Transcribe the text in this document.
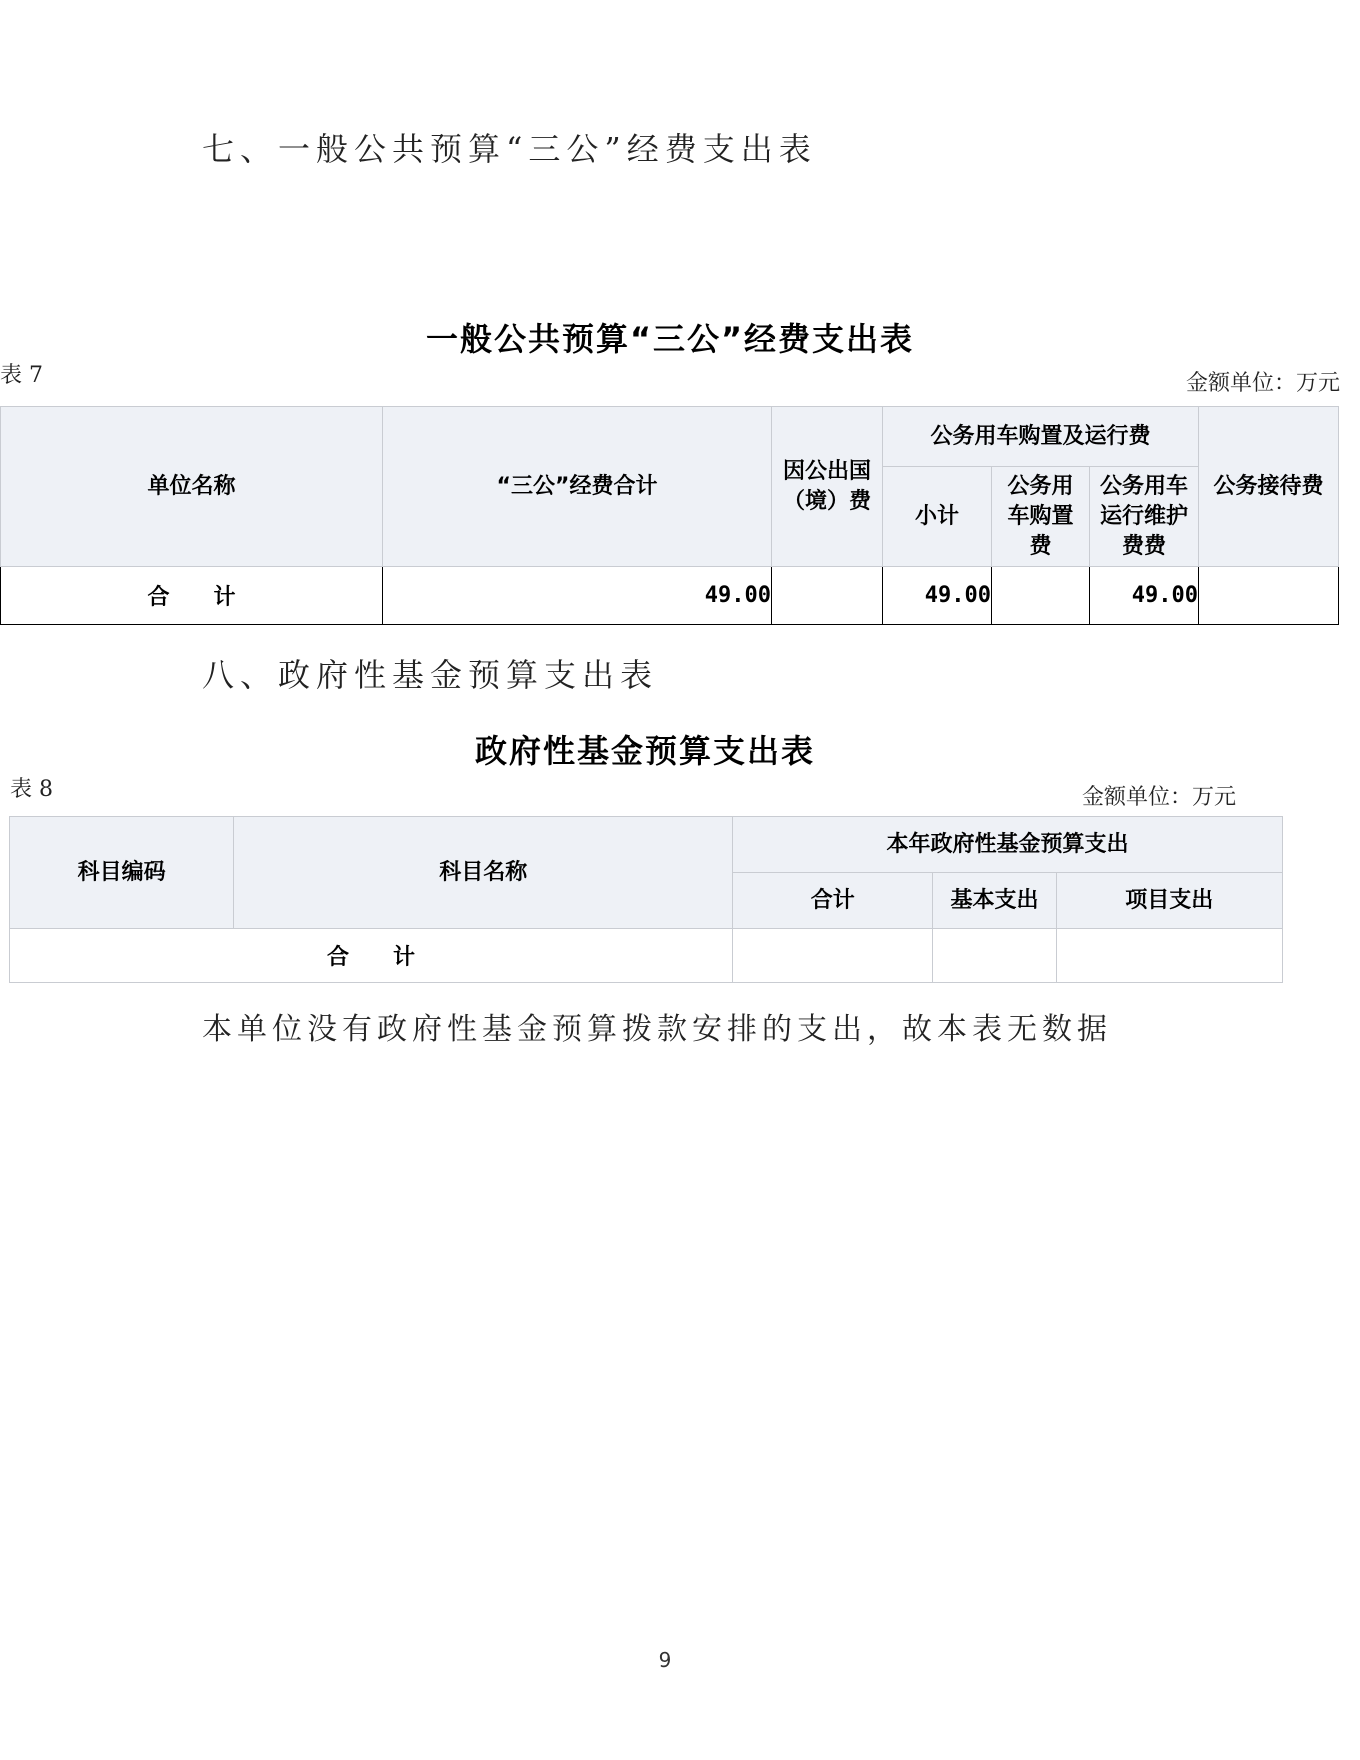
七、一般公共预算“三公”经费支出表
一般公共预算“三公”经费支出表
表 7	金额单位：万元
单位名称	“三公”经费合计	因公出国（境）费	公务用车购置及运行费			公务接待费
			小计	公务用车购置费	公务用车运行维护费费	
合　　计	49.00		49.00		49.00	
八、政府性基金预算支出表
政府性基金预算支出表
表 8	金额单位：万元
科目编码	科目名称	本年政府性基金预算支出		
		合计	基本支出	项目支出
合　　计				
本单位没有政府性基金预算拨款安排的支出，故本表无数据
9
